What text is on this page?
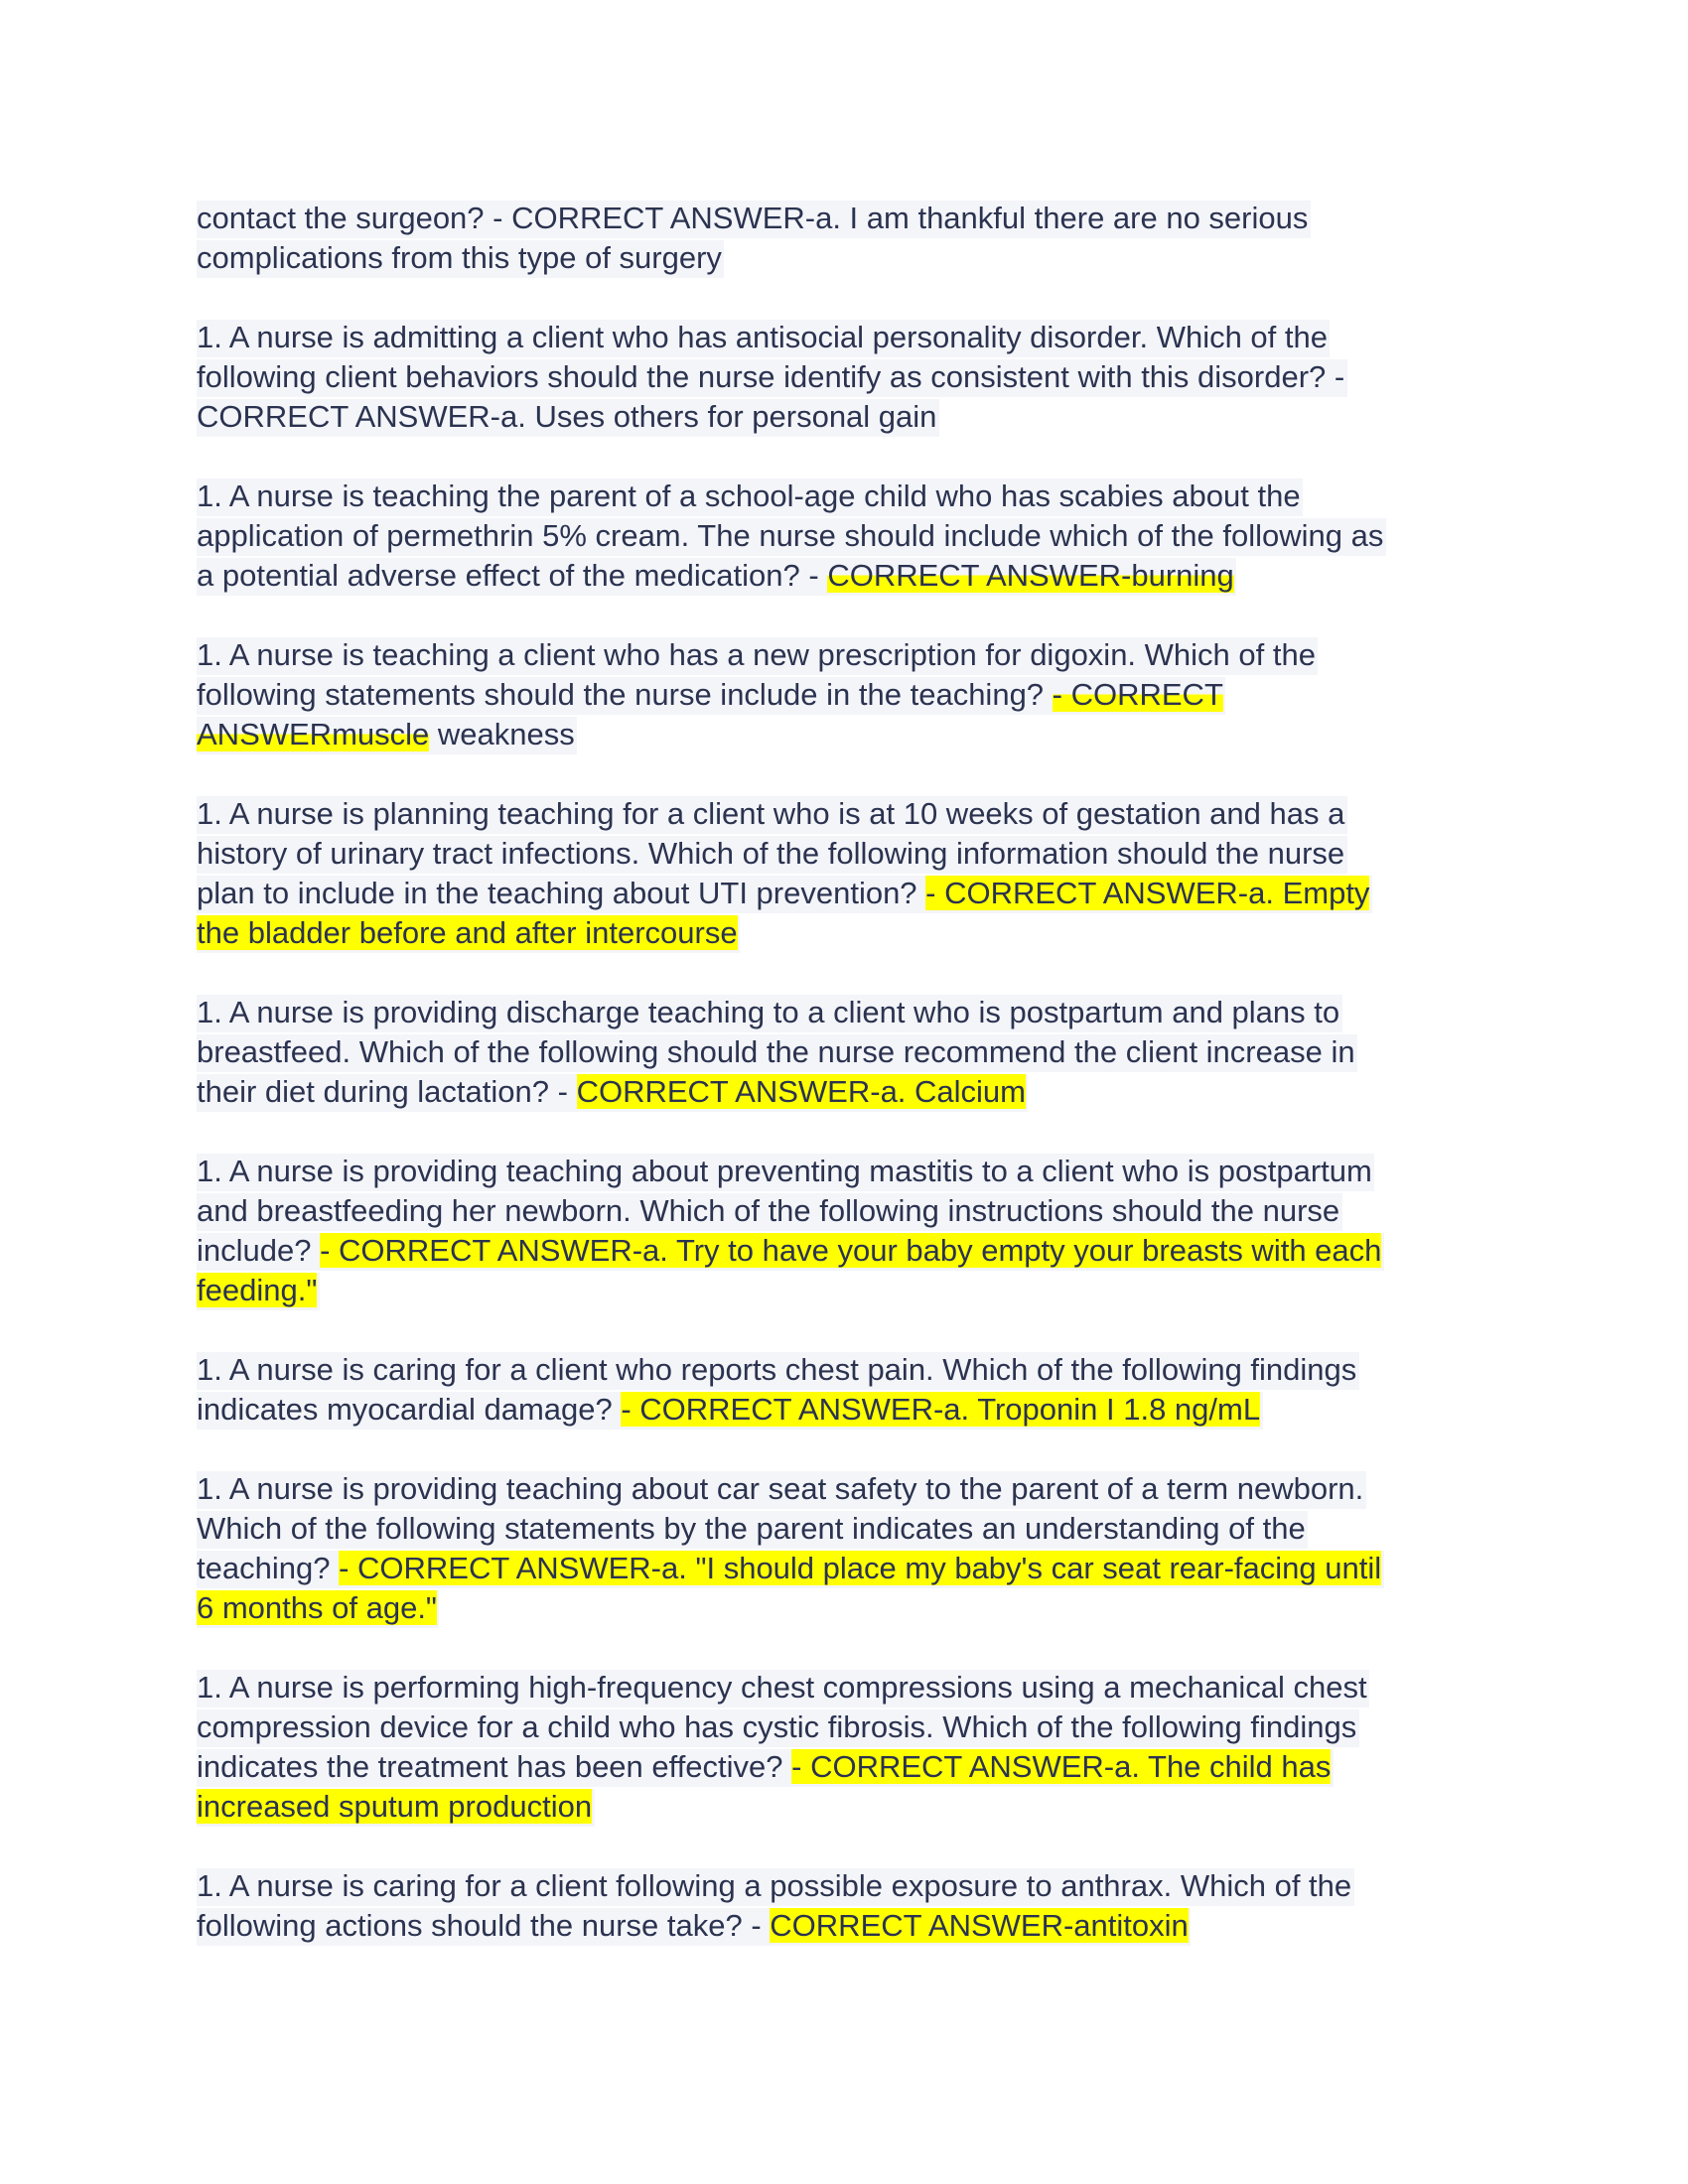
contact the surgeon? - CORRECT ANSWER-a. I am thankful there are no serious
complications from this type of surgery
1. A nurse is admitting a client who has antisocial personality disorder. Which of the
following client behaviors should the nurse identify as consistent with this disorder? -
CORRECT ANSWER-a. Uses others for personal gain
1. A nurse is teaching the parent of a school-age child who has scabies about the
application of permethrin 5% cream. The nurse should include which of the following as
a potential adverse effect of the medication? - CORRECT ANSWER-burning
1. A nurse is teaching a client who has a new prescription for digoxin. Which of the
following statements should the nurse include in the teaching? - CORRECT
ANSWERmuscle weakness
1. A nurse is planning teaching for a client who is at 10 weeks of gestation and has a
history of urinary tract infections. Which of the following information should the nurse
plan to include in the teaching about UTI prevention? - CORRECT ANSWER-a. Empty
the bladder before and after intercourse
1. A nurse is providing discharge teaching to a client who is postpartum and plans to
breastfeed. Which of the following should the nurse recommend the client increase in
their diet during lactation? - CORRECT ANSWER-a. Calcium
1. A nurse is providing teaching about preventing mastitis to a client who is postpartum
and breastfeeding her newborn. Which of the following instructions should the nurse
include? - CORRECT ANSWER-a. Try to have your baby empty your breasts with each
feeding."
1. A nurse is caring for a client who reports chest pain. Which of the following findings
indicates myocardial damage? - CORRECT ANSWER-a. Troponin I 1.8 ng/mL
1. A nurse is providing teaching about car seat safety to the parent of a term newborn.
Which of the following statements by the parent indicates an understanding of the
teaching? - CORRECT ANSWER-a. "I should place my baby's car seat rear-facing until
6 months of age."
1. A nurse is performing high-frequency chest compressions using a mechanical chest
compression device for a child who has cystic fibrosis. Which of the following findings
indicates the treatment has been effective? - CORRECT ANSWER-a. The child has
increased sputum production
1. A nurse is caring for a client following a possible exposure to anthrax. Which of the
following actions should the nurse take? - CORRECT ANSWER-antitoxin
